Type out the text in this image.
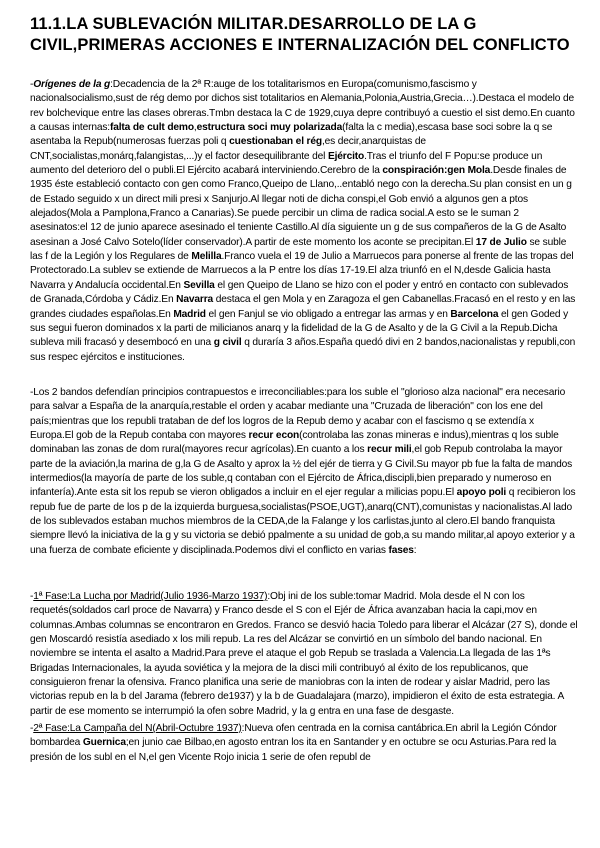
11.1.LA SUBLEVACIÓN MILITAR.DESARROLLO DE LA G CIVIL,PRIMERAS ACCIONES E INTERNALIZACIÓN DEL CONFLICTO
-Orígenes de la g:Decadencia de la 2ª R:auge de los totalitarismos en Europa(comunismo,fascismo y nacionalsocialismo,sust de rég demo por dichos sist totalitarios en Alemania,Polonia,Austria,Grecia…).Destaca el modelo de rev bolchevique entre las clases obreras.Tmbn destaca la C de 1929,cuya depre contribuyó a cuestio el sist demo.En cuanto a causas internas:falta de cult demo,estructura soci muy polarizada(falta la c media),escasa base soci sobre la q se asentaba la Repub(numerosas fuerzas poli q cuestionaban el rég,es decir,anarquistas de CNT,socialistas,monárq,falangistas,...)y el factor desequilibrante del Ejército.Tras el triunfo del F Popu:se produce un aumento del deterioro del o publi.El Ejército acabará interviniendo.Cerebro de la conspiración:gen Mola.Desde finales de 1935 éste estableció contacto con gen como Franco,Queipo de Llano,..entabló nego con la derecha.Su plan consist en un g de Estado seguido x un direct mili presi x Sanjurjo.Al llegar noti de dicha conspi,el Gob envió a algunos gen a ptos alejados(Mola a Pamplona,Franco a Canarias).Se puede percibir un clima de radica social.A esto se le suman 2 asesinatos:el 12 de junio aparece asesinado el teniente Castillo.Al día siguiente un g de sus compañeros de la G de Asalto asesinan a José Calvo Sotelo(líder conservador).A partir de este momento los aconte se precipitan.El 17 de Julio se suble las f de la Legión y los Regulares de Melilla.Franco vuela el 19 de Julio a Marruecos para ponerse al frente de las tropas del Protectorado.La sublev se extiende de Marruecos a la P entre los días 17-19.El alza triunfó en el N,desde Galicia hasta Navarra y Andalucía occidental.En Sevilla el gen Queipo de Llano se hizo con el poder y entró en contacto con sublevados de Granada,Córdoba y Cádiz.En Navarra destaca el gen Mola y en Zaragoza el gen Cabanellas.Fracasó en el resto y en las grandes ciudades españolas.En Madrid el gen Fanjul se vio obligado a entregar las armas y en Barcelona el gen Goded y sus segui fueron dominados x la parti de milicianos anarq y la fidelidad de la G de Asalto y de la G Civil a la Repub.Dicha subleva mili fracasó y desembocó en una g civil q duraría 3 años.España quedó divi en 2 bandos,nacionalistas y republi,con sus respec ejércitos e instituciones.
-Los 2 bandos defendían principios contrapuestos e irreconciliables:para los suble el "glorioso alza nacional" era necesario para salvar a España de la anarquía,restable el orden y acabar mediante una "Cruzada de liberación" con los ene del país;mientras que los republi trataban de def los logros de la Repub demo y acabar con el fascismo q se extendía x Europa.El gob de la Repub contaba con mayores recur econ(controlaba las zonas mineras e indus),mientras q los suble dominaban las zonas de dom rural(mayores recur agrícolas).En cuanto a los recur mili,el gob Repub controlaba la mayor parte de la aviación,la marina de g,la G de Asalto y aprox la ½ del ejér de tierra y G Civil.Su mayor pb fue la falta de mandos intermedios(la mayoría de parte de los suble,q contaban con el Ejército de África,discipli,bien preparado y numeroso en infantería).Ante esta sit los repub se vieron obligados a incluir en el ejer regular a milicias popu.El apoyo poli q recibieron los repub fue de parte de los p de la izquierda burguesa,socialistas(PSOE,UGT),anarq(CNT),comunistas y nacionalistas.Al lado de los sublevados estaban muchos miembros de la CEDA,de la Falange y los carlistas,junto al clero.El bando franquista siempre llevó la iniciativa de la g y su victoria se debió ppalmente a su unidad de gob,a su mando militar,al apoyo exterior y a una fuerza de combate eficiente y disciplinada.Podemos divi el conflicto en varias fases:
-1ª Fase:La Lucha por Madrid(Julio 1936-Marzo 1937):Obj ini de los suble:tomar Madrid. Mola desde el N con los requetés(soldados carl proce de Navarra) y Franco desde el S con el Ejér de África avanzaban hacia la capi,mov en columnas.Ambas columnas se encontraron en Gredos. Franco se desvió hacia Toledo para liberar el Alcázar (27 S), donde el gen Moscardó resistía asediado x los mili repub. La res del Alcázar se convirtió en un símbolo del bando nacional. En noviembre se intenta el asalto a Madrid.Para preve el ataque el gob Repub se traslada a Valencia.La llegada de las 1ªs Brigadas Internacionales, la ayuda soviética y la mejora de la disci mili contribuyó al éxito de los republicanos, que consiguieron frenar la ofensiva. Franco planifica una serie de maniobras con la inten de rodear y aislar Madrid, pero las victorias repub en la b del Jarama (febrero de1937) y la b de Guadalajara (marzo), impidieron el éxito de esta estrategia. A partir de ese momento se interrumpió la ofen sobre Madrid, y la g entra en una fase de desgaste.
-2ª Fase:La Campaña del N(Abril-Octubre 1937):Nueva ofen centrada en la cornisa cantábrica.En abril la Legión Cóndor bombardea Guernica;en junio cae Bilbao,en agosto entran los ita en Santander y en octubre se ocu Asturias.Para red la presión de los subl en el N,el gen Vicente Rojo inicia 1 serie de ofen republ de
